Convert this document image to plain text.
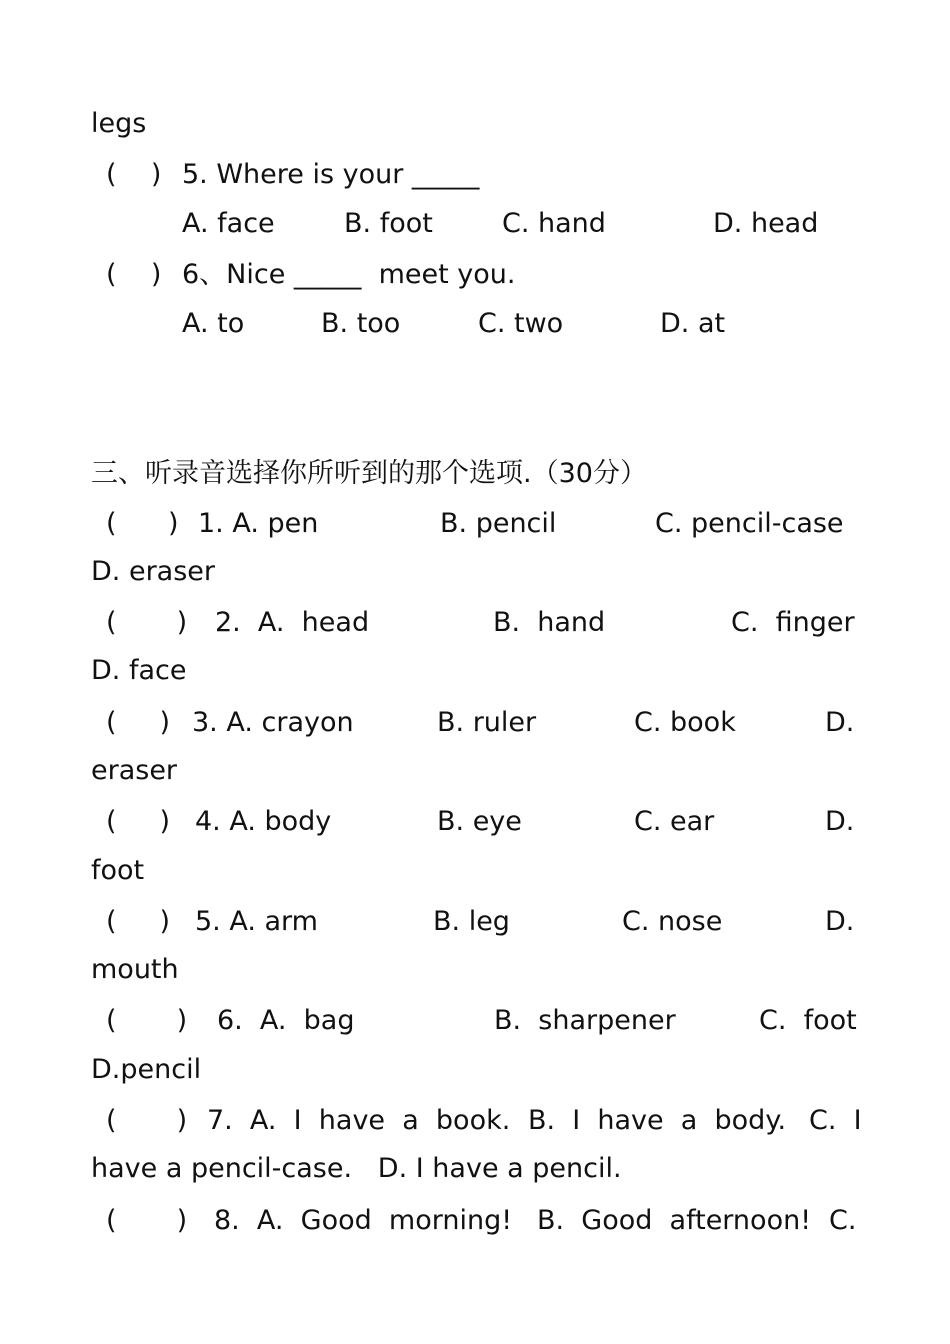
legs
(    ) 5. Where is your _____
A. face	B. foot	C. hand	D. head
(    ) 6、Nice _____  meet you.
A. to	B. too	C. two	D. at
三、听录音选择你所听到的那个选项.（30分）
(      ) 1. A. pen	B. pencil	C. pencil-case
D. eraser
(       ) 2.  A.  head	B.  hand	C.  finger
D. face
(     ) 3. A. crayon	B. ruler	C. book	D.
eraser
(     ) 4. A. body	B. eye	C. ear	D.
foot
(     ) 5. A. arm	B. leg	C. nose	D.
mouth
(       ) 6.  A.  bag	B.  sharpener	C.  foot
D.pencil
(       ) 7.  A.  I  have  a  book. B.  I  have  a  body. C.  I
have a pencil-case.   D. I have a pencil.
(       ) 8.  A.  Good  morning! B.  Good  afternoon! C.
